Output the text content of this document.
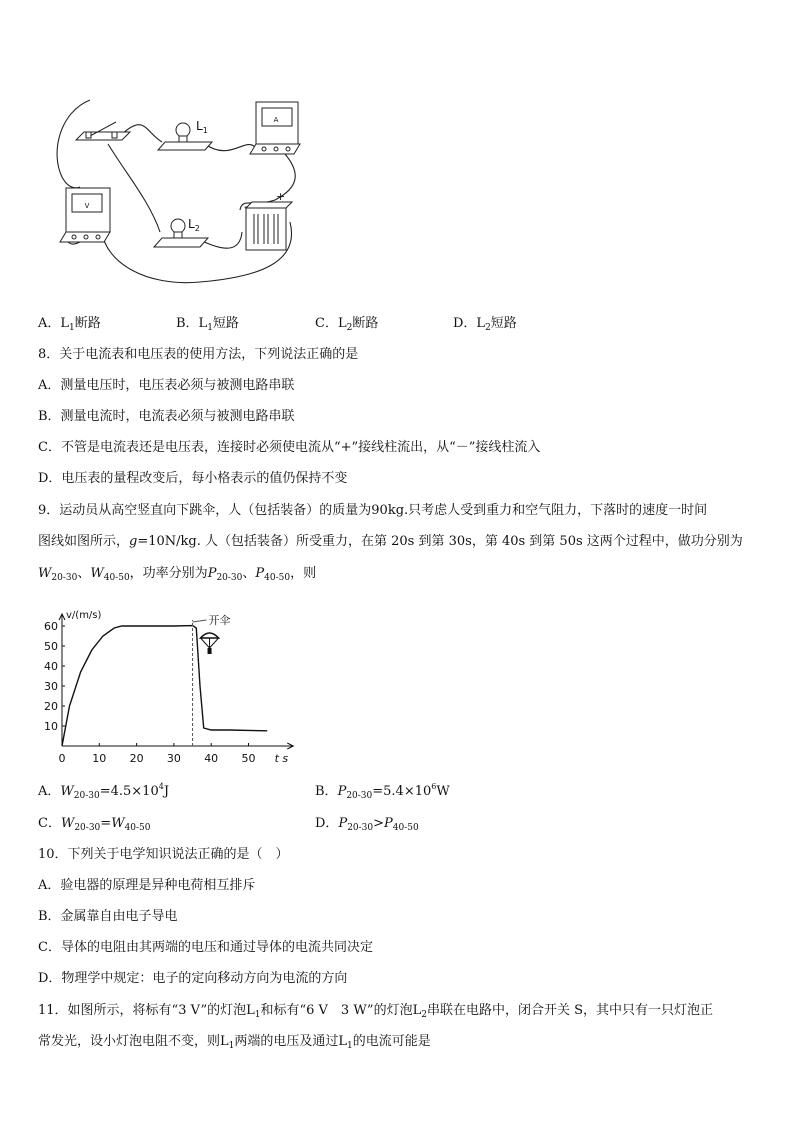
$L_1$
A
V
$L_2$
+
-
A．$L_1$断路	B．$L_1$短路	C．$L_2$断路	D．$L_2$短路
8．关于电流表和电压表的使用方法，下列说法正确的是
A．测量电压时，电压表必须与被测电路串联
B．测量电流时，电流表必须与被测电路串联
C．不管是电流表还是电压表，连接时必须使电流从“+”接线柱流出，从“－”接线柱流入
D．电压表的量程改变后，每小格表示的值仍保持不变
9．运动员从高空竖直向下跳伞，人（包括装备）的质量为90kg.只考虑人受到重力和空气阻力，下落时的速度一时间
图线如图所示，g=10N/kg. 人（包括装备）所受重力，在第 20s 到第 30s，第 40s 到第 50s 这两个过程中，做功分别为
$W_{20-30}$、$W_{40-50}$，功率分别为$P_{20-30}$、$P_{40-50}$，则
0 10 20 30 40 50
10
20
30
40
50
60
v/(m/s)
t s
开伞
A．$W_{20-30}=4.5\times 10^4J$	B．$P_{20-30}=5.4\times 10^6W$
C．$W_{20-30}=W_{40-50}$	D．$P_{20-30}>P_{40-50}$
10．下列关于电学知识说法正确的是（　）
A．验电器的原理是异种电荷相互排斥
B．金属靠自由电子导电
C．导体的电阻由其两端的电压和通过导体的电流共同决定
D．物理学中规定：电子的定向移动方向为电流的方向
11．如图所示，将标有“3 V”的灯泡$L_1$和标有“6 V　3 W”的灯泡$L_2$串联在电路中，闭合开关 S，其中只有一只灯泡正
常发光，设小灯泡电阻不变，则$L_1$两端的电压及通过$L_1$的电流可能是
